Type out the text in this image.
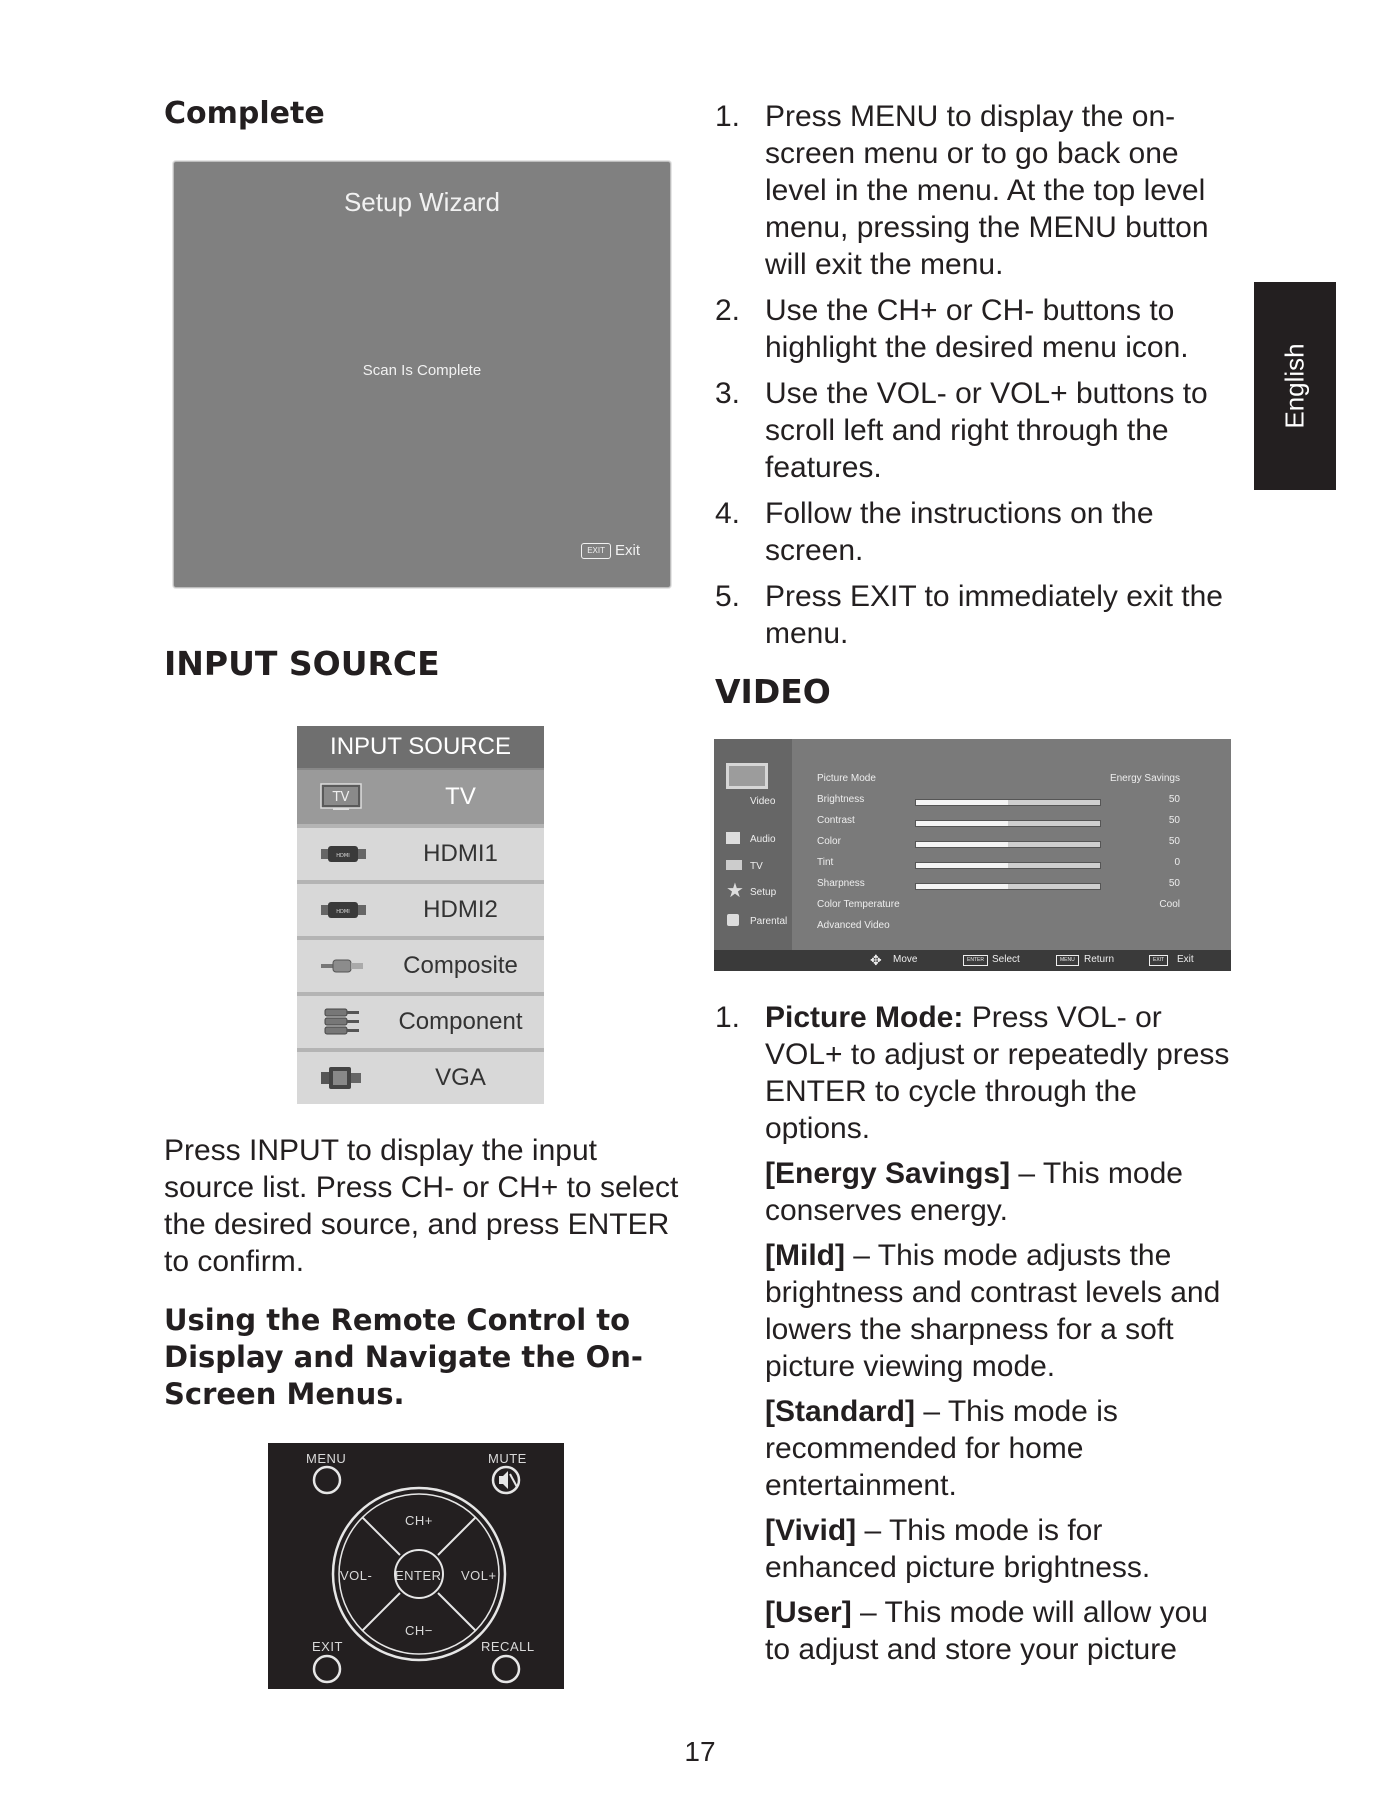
English
Complete
Setup Wizard
Scan Is Complete
EXIT Exit
INPUT SOURCE
INPUT SOURCE
TV	TV
HDMI	HDMI1
HDMI	HDMI2
Composite
Component
VGA

Press INPUT to display the input source list. Press CH- or CH+ to select the desired source, and press ENTER to confirm.

Using the Remote Control to Display and Navigate the On-Screen Menus.
MENU	MUTE
CH+
CH−
VOL-	VOL+
ENTER
EXIT	RECALL
1. Press MENU to display the on-screen menu or to go back one level in the menu. At the top level menu, pressing the MENU button will exit the menu.
2. Use the CH+ or CH- buttons to highlight the desired menu icon.
3. Use the VOL- or VOL+ buttons to scroll left and right through the features.
4. Follow the instructions on the screen.
5. Press EXIT to immediately exit the menu.
VIDEO
Video
Audio
TV
★ Setup
Parental
Picture Mode	Energy Savings
Brightness	50
Contrast	50
Color	50
Tint	0
Sharpness	50
Color Temperature	Cool
Advanced Video
✥ Move	ENTER Select	MENU Return	EXIT	Exit
1. Picture Mode: Press VOL- or VOL+ to adjust or repeatedly press ENTER to cycle through the options.
[Energy Savings] – This mode conserves energy.
[Mild] – This mode adjusts the brightness and contrast levels and lowers the sharpness for a soft picture viewing mode.
[Standard] – This mode is recommended for home entertainment.
[Vivid] – This mode is for enhanced picture brightness.
[User] – This mode will allow you to adjust and store your picture
17
